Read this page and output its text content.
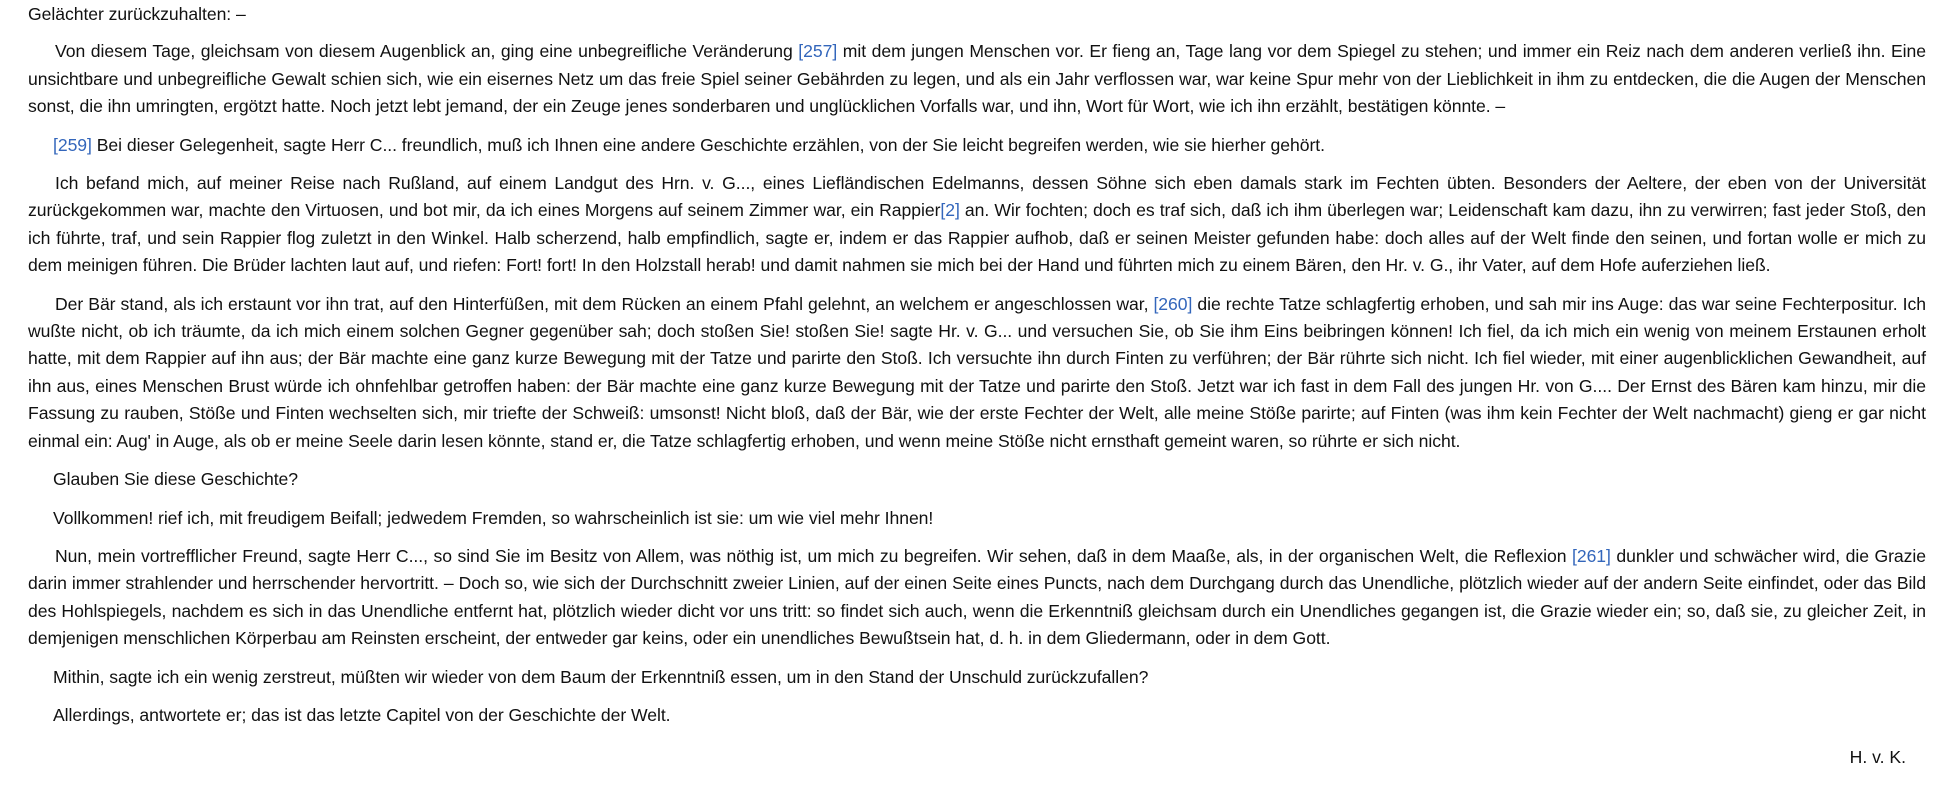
Gelächter zurückzuhalten: –

Von diesem Tage, gleichsam von diesem Augenblick an, ging eine unbegreifliche Veränderung [257] mit dem jungen Menschen vor. Er fieng an, Tage lang vor dem Spiegel zu stehen; und immer ein Reiz nach dem anderen verließ ihn. Eine unsichtbare und unbegreifliche Gewalt schien sich, wie ein eisernes Netz um das freie Spiel seiner Gebährden zu legen, und als ein Jahr verflossen war, war keine Spur mehr von der Lieblichkeit in ihm zu entdecken, die die Augen der Menschen sonst, die ihn umringten, ergötzt hatte. Noch jetzt lebt jemand, der ein Zeuge jenes sonderbaren und unglücklichen Vorfalls war, und ihn, Wort für Wort, wie ich ihn erzählt, bestätigen könnte. –

[259] Bei dieser Gelegenheit, sagte Herr C... freundlich, muß ich Ihnen eine andere Geschichte erzählen, von der Sie leicht begreifen werden, wie sie hierher gehört.

Ich befand mich, auf meiner Reise nach Rußland, auf einem Landgut des Hrn. v. G..., eines Liefländischen Edelmanns, dessen Söhne sich eben damals stark im Fechten übten. Besonders der Aeltere, der eben von der Universität zurückgekommen war, machte den Virtuosen, und bot mir, da ich eines Morgens auf seinem Zimmer war, ein Rappier[2] an. Wir fochten; doch es traf sich, daß ich ihm überlegen war; Leidenschaft kam dazu, ihn zu verwirren; fast jeder Stoß, den ich führte, traf, und sein Rappier flog zuletzt in den Winkel. Halb scherzend, halb empfindlich, sagte er, indem er das Rappier aufhob, daß er seinen Meister gefunden habe: doch alles auf der Welt finde den seinen, und fortan wolle er mich zu dem meinigen führen. Die Brüder lachten laut auf, und riefen: Fort! fort! In den Holzstall herab! und damit nahmen sie mich bei der Hand und führten mich zu einem Bären, den Hr. v. G., ihr Vater, auf dem Hofe auferziehen ließ.

Der Bär stand, als ich erstaunt vor ihn trat, auf den Hinterfüßen, mit dem Rücken an einem Pfahl gelehnt, an welchem er angeschlossen war, [260] die rechte Tatze schlagfertig erhoben, und sah mir ins Auge: das war seine Fechterpositur. Ich wußte nicht, ob ich träumte, da ich mich einem solchen Gegner gegenüber sah; doch stoßen Sie! stoßen Sie! sagte Hr. v. G... und versuchen Sie, ob Sie ihm Eins beibringen können! Ich fiel, da ich mich ein wenig von meinem Erstaunen erholt hatte, mit dem Rappier auf ihn aus; der Bär machte eine ganz kurze Bewegung mit der Tatze und parirte den Stoß. Ich versuchte ihn durch Finten zu verführen; der Bär rührte sich nicht. Ich fiel wieder, mit einer augenblicklichen Gewandheit, auf ihn aus, eines Menschen Brust würde ich ohnfehlbar getroffen haben: der Bär machte eine ganz kurze Bewegung mit der Tatze und parirte den Stoß. Jetzt war ich fast in dem Fall des jungen Hr. von G.... Der Ernst des Bären kam hinzu, mir die Fassung zu rauben, Stöße und Finten wechselten sich, mir triefte der Schweiß: umsonst! Nicht bloß, daß der Bär, wie der erste Fechter der Welt, alle meine Stöße parirte; auf Finten (was ihm kein Fechter der Welt nachmacht) gieng er gar nicht einmal ein: Aug' in Auge, als ob er meine Seele darin lesen könnte, stand er, die Tatze schlagfertig erhoben, und wenn meine Stöße nicht ernsthaft gemeint waren, so rührte er sich nicht.

Glauben Sie diese Geschichte?

Vollkommen! rief ich, mit freudigem Beifall; jedwedem Fremden, so wahrscheinlich ist sie: um wie viel mehr Ihnen!

Nun, mein vortrefflicher Freund, sagte Herr C..., so sind Sie im Besitz von Allem, was nöthig ist, um mich zu begreifen. Wir sehen, daß in dem Maaße, als, in der organischen Welt, die Reflexion [261] dunkler und schwächer wird, die Grazie darin immer strahlender und herrschender hervortritt. – Doch so, wie sich der Durchschnitt zweier Linien, auf der einen Seite eines Puncts, nach dem Durchgang durch das Unendliche, plötzlich wieder auf der andern Seite einfindet, oder das Bild des Hohlspiegels, nachdem es sich in das Unendliche entfernt hat, plötzlich wieder dicht vor uns tritt: so findet sich auch, wenn die Erkenntniß gleichsam durch ein Unendliches gegangen ist, die Grazie wieder ein; so, daß sie, zu gleicher Zeit, in demjenigen menschlichen Körperbau am Reinsten erscheint, der entweder gar keins, oder ein unendliches Bewußtsein hat, d. h. in dem Gliedermann, oder in dem Gott.

Mithin, sagte ich ein wenig zerstreut, müßten wir wieder von dem Baum der Erkenntniß essen, um in den Stand der Unschuld zurückzufallen?

Allerdings, antwortete er; das ist das letzte Capitel von der Geschichte der Welt.

H. v. K.
